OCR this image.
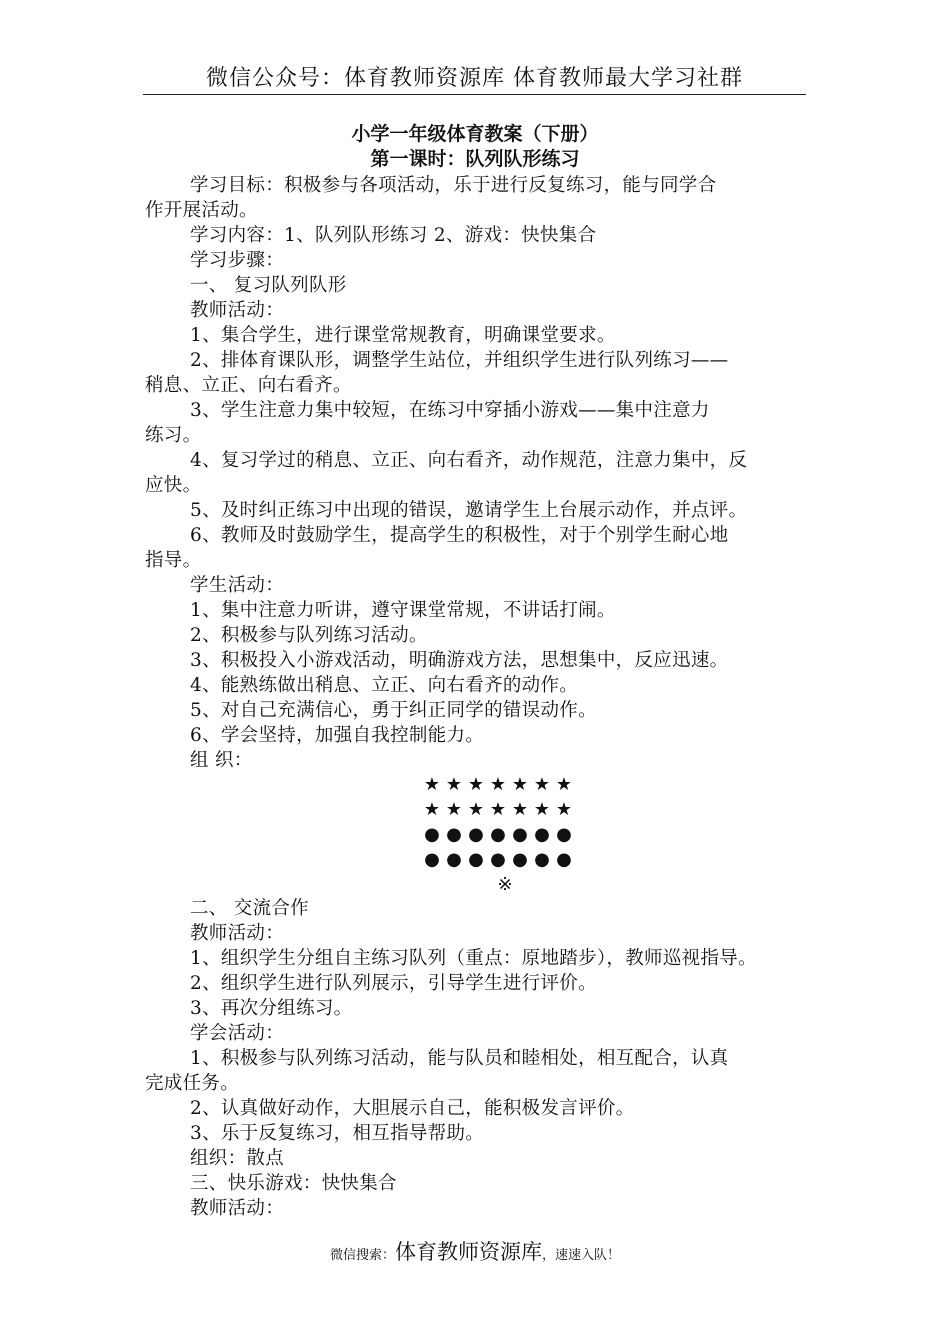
微信公众号：体育教师资源库 体育教师最大学习社群
小学一年级体育教案（下册）
第一课时：队列队形练习
学习目标：积极参与各项活动，乐于进行反复练习，能与同学合
作开展活动。
学习内容：1、队列队形练习 2、游戏：快快集合
学习步骤：
一、 复习队列队形
教师活动：
1、集合学生，进行课堂常规教育，明确课堂要求。
2、排体育课队形，调整学生站位，并组织学生进行队列练习——
稍息、立正、向右看齐。
3、学生注意力集中较短，在练习中穿插小游戏——集中注意力
练习。
4、复习学过的稍息、立正、向右看齐，动作规范，注意力集中，反
应快。
5、及时纠正练习中出现的错误，邀请学生上台展示动作，并点评。
6、教师及时鼓励学生，提高学生的积极性，对于个别学生耐心地
指导。
学生活动：
1、集中注意力听讲，遵守课堂常规，不讲话打闹。
2、积极参与队列练习活动。
3、积极投入小游戏活动，明确游戏方法，思想集中，反应迅速。
4、能熟练做出稍息、立正、向右看齐的动作。
5、对自己充满信心，勇于纠正同学的错误动作。
6、学会坚持，加强自我控制能力。
组 织：
★ ★ ★ ★ ★ ★ ★
★ ★ ★ ★ ★ ★ ★
● ● ● ● ● ● ●
● ● ● ● ● ● ●
※
二、 交流合作
教师活动：
1、组织学生分组自主练习队列（重点：原地踏步），教师巡视指导。
2、组织学生进行队列展示，引导学生进行评价。
3、再次分组练习。
学会活动：
1、积极参与队列练习活动，能与队员和睦相处，相互配合，认真
完成任务。
2、认真做好动作，大胆展示自己，能积极发言评价。
3、乐于反复练习，相互指导帮助。
组织：散点
三、快乐游戏：快快集合
教师活动：
微信搜索：体育教师资源库，速速入队！
